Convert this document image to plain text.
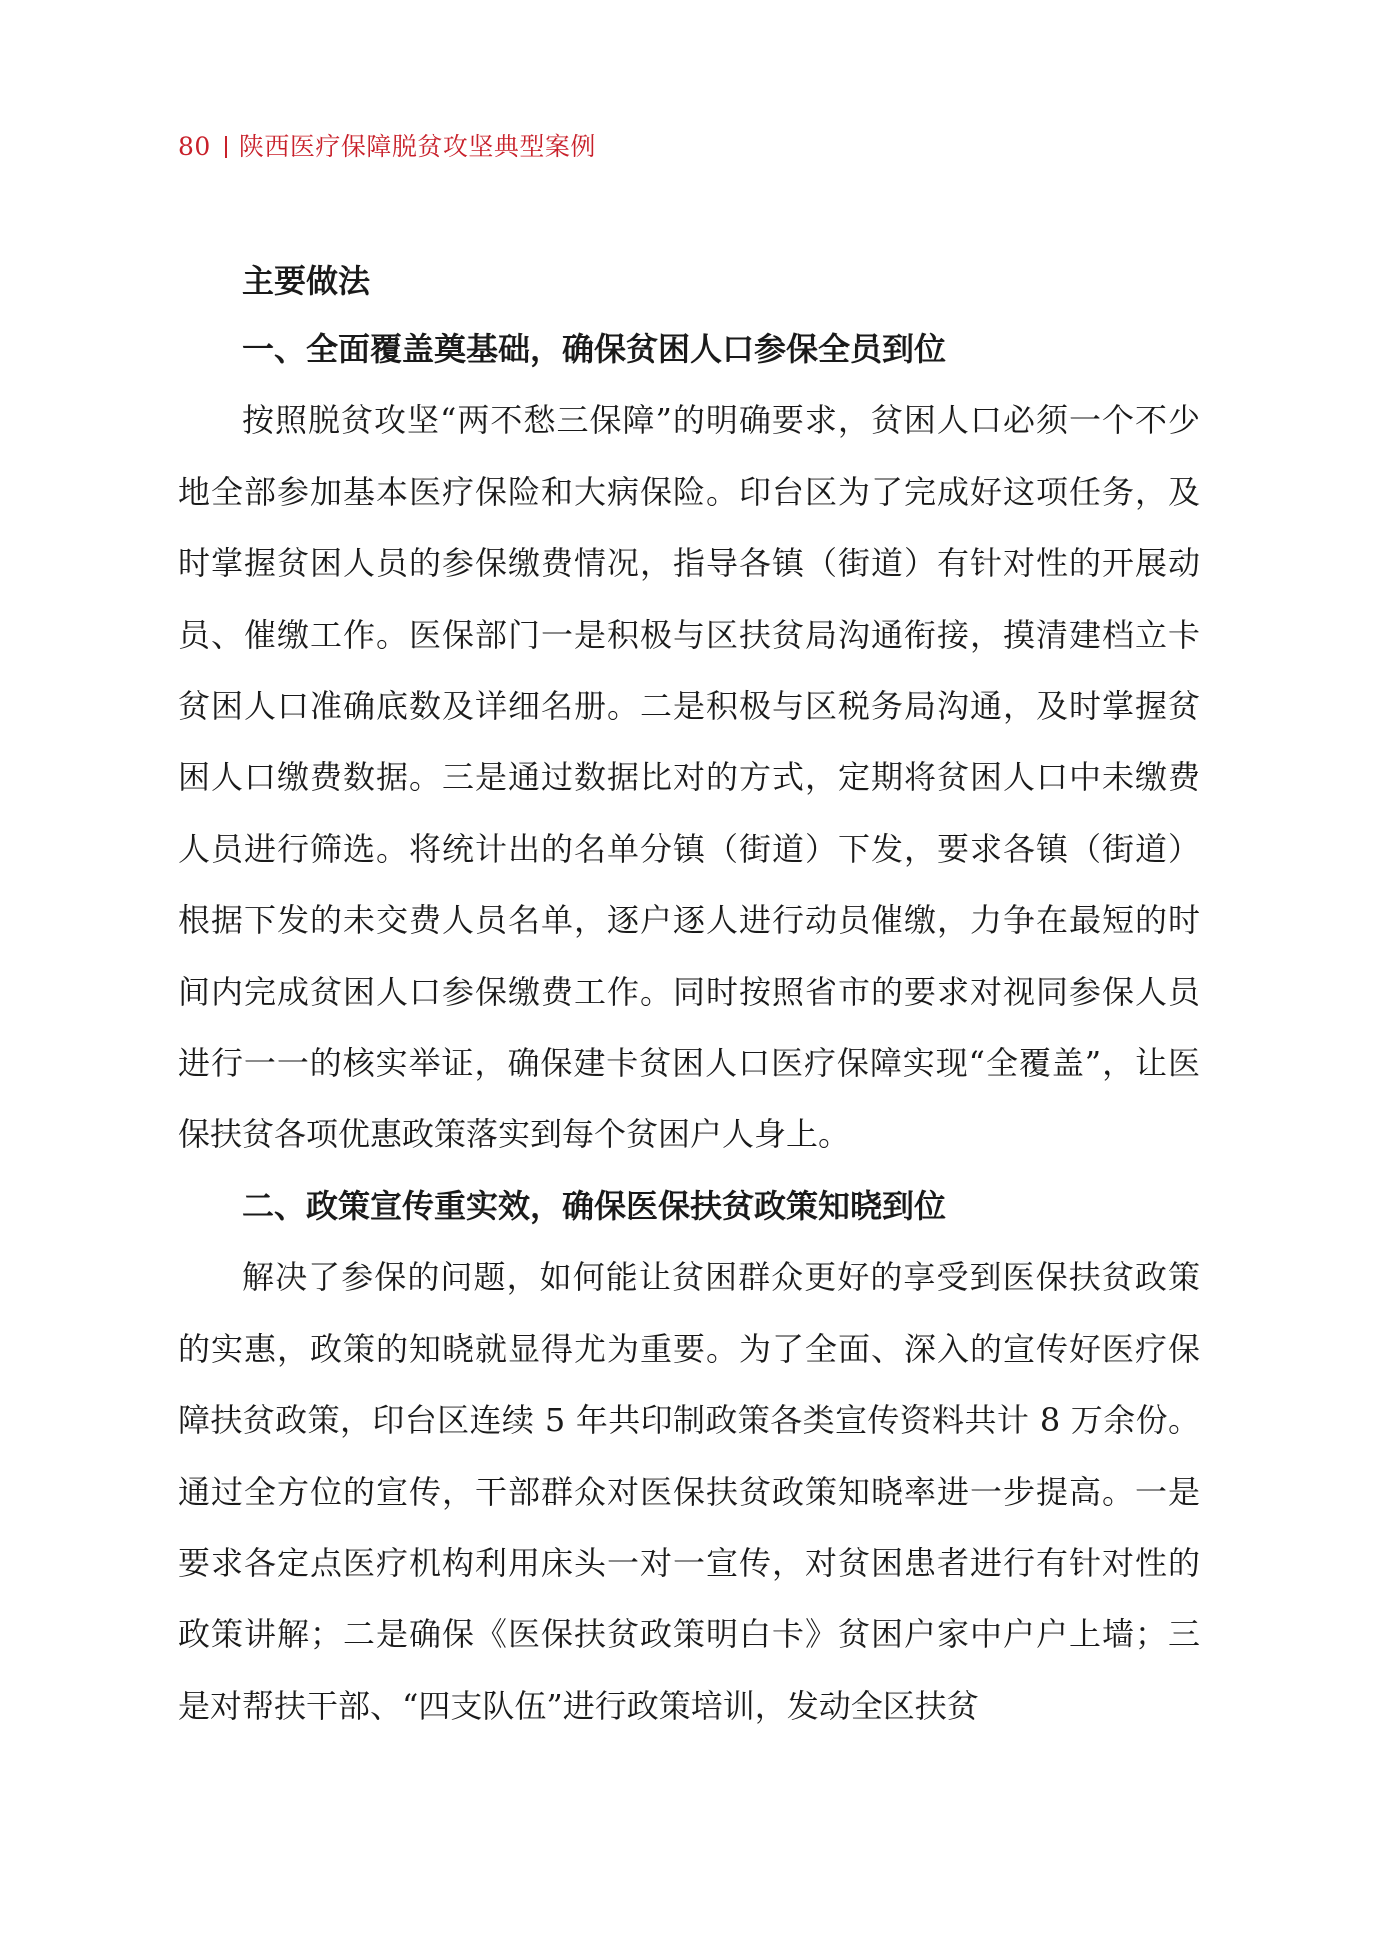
80 陕西医疗保障脱贫攻坚典型案例
主要做法
一、全面覆盖奠基础，确保贫困人口参保全员到位

按照脱贫攻坚“两不愁三保障”的明确要求，贫困人口必须一个不少地全部参加基本医疗保险和大病保险。印台区为了完成好这项任务，及时掌握贫困人员的参保缴费情况，指导各镇（街道）有针对性的开展动员、催缴工作。医保部门一是积极与区扶贫局沟通衔接，摸清建档立卡贫困人口准确底数及详细名册。二是积极与区税务局沟通，及时掌握贫困人口缴费数据。三是通过数据比对的方式，定期将贫困人口中未缴费人员进行筛选。将统计出的名单分镇（街道）下发，要求各镇（街道）根据下发的未交费人员名单，逐户逐人进行动员催缴，力争在最短的时间内完成贫困人口参保缴费工作。同时按照省市的要求对视同参保人员进行一一的核实举证，确保建卡贫困人口医疗保障实现“全覆盖”，让医保扶贫各项优惠政策落实到每个贫困户人身上。

二、政策宣传重实效，确保医保扶贫政策知晓到位

解决了参保的问题，如何能让贫困群众更好的享受到医保扶贫政策的实惠，政策的知晓就显得尤为重要。为了全面、深入的宣传好医疗保障扶贫政策，印台区连续 5 年共印制政策各类宣传资料共计 8 万余份。通过全方位的宣传，干部群众对医保扶贫政策知晓率进一步提高。一是要求各定点医疗机构利用床头一对一宣传，对贫困患者进行有针对性的政策讲解；二是确保《医保扶贫政策明白卡》贫困户家中户户上墙；三是对帮扶干部、“四支队伍”进行政策培训，发动全区扶贫
